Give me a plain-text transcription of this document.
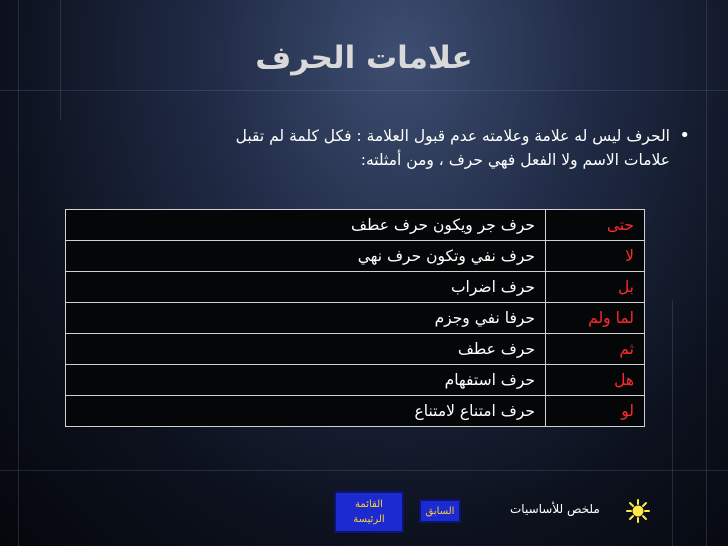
علامات الحرف
•
الحرف ليس له علامة وعلامته عدم قبول العلامة : فكل كلمة لم تقبل
علامات الاسم ولا الفعل فهي حرف ، ومن أمثلته:
حتى	حرف جر ويكون حرف عطف
لا	حرف نفي وتكون حرف نهي
بل	حرف اضراب
لما ولم	حرفا نفي وجزم
ثم	حرف عطف
هل	حرف استفهام
لو	حرف امتناع لامتناع
القائمة
الرئيسة
السابق	ملخص للأساسيات
